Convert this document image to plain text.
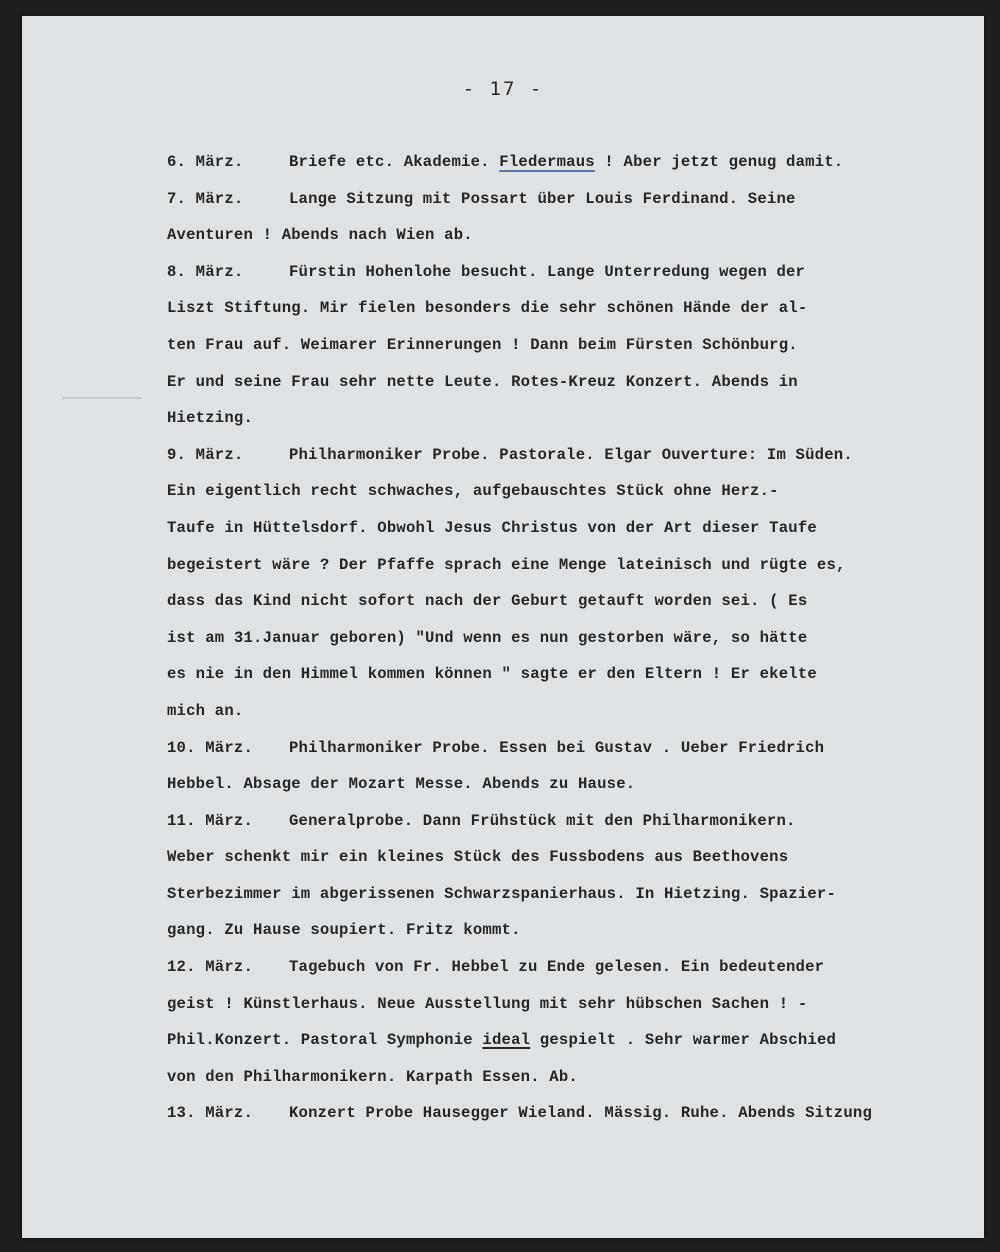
- 17 -
6. März.	Briefe etc. Akademie. Fledermaus ! Aber jetzt genug damit.
7. März.	Lange Sitzung mit Possart über Louis Ferdinand. Seine
Aventuren ! Abends nach Wien ab.
8. März.	Fürstin Hohenlohe besucht. Lange Unterredung wegen der
Liszt Stiftung. Mir fielen besonders die sehr schönen Hände der al-
ten Frau auf. Weimarer Erinnerungen ! Dann beim Fürsten Schönburg.
Er und seine Frau sehr nette Leute. Rotes-Kreuz Konzert. Abends in
Hietzing.
9. März.	Philharmoniker Probe. Pastorale. Elgar Ouverture: Im Süden.
Ein eigentlich recht schwaches, aufgebauschtes Stück ohne Herz.-
Taufe in Hüttelsdorf. Obwohl Jesus Christus von der Art dieser Taufe
begeistert wäre ? Der Pfaffe sprach eine Menge lateinisch und rügte es,
dass das Kind nicht sofort nach der Geburt getauft worden sei. ( Es
ist am 31.Januar geboren) "Und wenn es nun gestorben wäre, so hätte
es nie in den Himmel kommen können " sagte er den Eltern ! Er ekelte
mich an.
10. März. Philharmoniker Probe. Essen bei Gustav . Ueber Friedrich
Hebbel. Absage der Mozart Messe. Abends zu Hause.
11. März. Generalprobe. Dann Frühstück mit den Philharmonikern.
Weber schenkt mir ein kleines Stück des Fussbodens aus Beethovens
Sterbezimmer im abgerissenen Schwarzspanierhaus. In Hietzing. Spazier-
gang. Zu Hause soupiert. Fritz kommt.
12. März. Tagebuch von Fr. Hebbel zu Ende gelesen. Ein bedeutender
geist ! Künstlerhaus. Neue Ausstellung mit sehr hübschen Sachen ! -
Phil.Konzert. Pastoral Symphonie ideal gespielt . Sehr warmer Abschied
von den Philharmonikern. Karpath Essen. Ab.
13. März. Konzert Probe Hausegger Wieland. Mässig. Ruhe. Abends Sitzung
